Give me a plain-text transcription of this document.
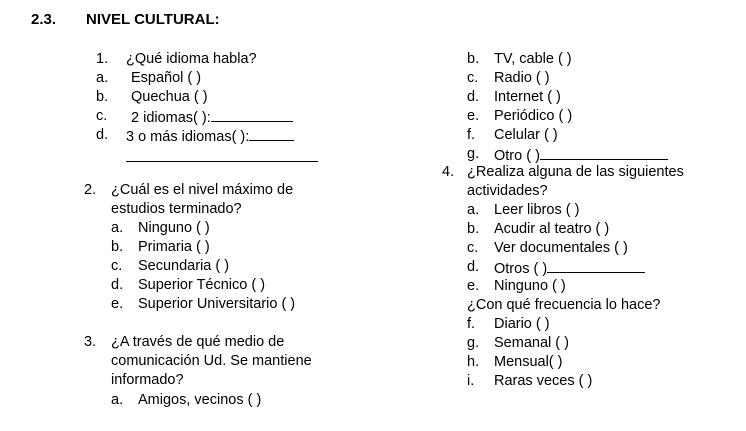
2.3. NIVEL CULTURAL:
1. ¿Qué idioma habla?
a. Español ( )
b. Quechua ( )
c. 2 idiomas( ):
d. 3 o más idiomas( ):
2. ¿Cuál es el nivel máximo de
estudios terminado?
a. Ninguno ( )
b. Primaria ( )
c. Secundaria ( )
d. Superior Técnico ( )
e. Superior Universitario ( )
3. ¿A través de qué medio de
comunicación Ud. Se mantiene
informado?
a. Amigos, vecinos ( )
b. TV, cable ( )
c. Radio ( )
d. Internet ( )
e. Periódico ( )
f. Celular ( )
g. Otro ( )
4. ¿Realiza alguna de las siguientes
actividades?
a. Leer libros ( )
b. Acudir al teatro ( )
c. Ver documentales ( )
d. Otros ( )
e. Ninguno ( )
¿Con qué frecuencia lo hace?
f. Diario ( )
g. Semanal ( )
h. Mensual( )
i. Raras veces ( )
